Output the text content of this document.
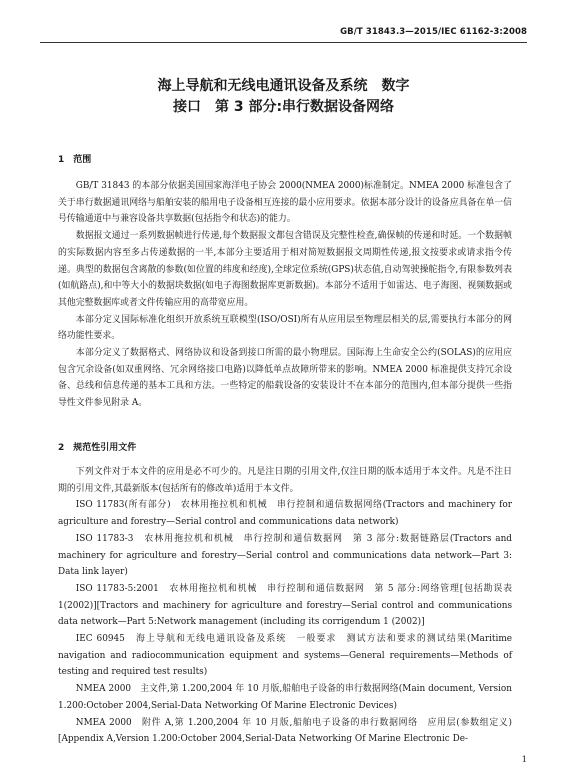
GB/T 31843.3—2015/IEC 61162-3:2008
海上导航和无线电通讯设备及系统　数字
接口　第 3 部分:串行数据设备网络
1　范围

GB/T 31843 的本部分依据美国国家海洋电子协会 2000(NMEA 2000)标准制定。NMEA 2000 标准包含了关于串行数据通讯网络与船舶安装的船用电子设备相互连接的最小应用要求。依据本部分设计的设备应具备在单一信号传输通道中与兼容设备共享数据(包括指令和状态)的能力。

数据报文通过一系列数据帧进行传递,每个数据报文都包含错误及完整性检查,确保帧的传递和时延。一个数据帧的实际数据内容至多占传递数据的一半,本部分主要适用于相对简短数据报文周期性传递,报文按要求或请求指令传递。典型的数据包含离散的参数(如位置的纬度和经度),全球定位系统(GPS)状态值,自动驾驶操舵指令,有限参数列表(如航路点),和中等大小的数据块数据(如电子海图数据库更新数据)。本部分不适用于如雷达、电子海图、视频数据或其他完整数据库或者文件传输应用的高带宽应用。

本部分定义国际标准化组织开放系统互联模型(ISO/OSI)所有从应用层至物理层相关的层,需要执行本部分的网络功能性要求。

本部分定义了数据格式、网络协议和设备到接口所需的最小物理层。国际海上生命安全公约(SOLAS)的应用应包含冗余设备(如双重网络、冗余网络接口电路)以降低单点故障所带来的影响。NMEA 2000 标准提供支持冗余设备、总线和信息传递的基本工具和方法。一些特定的船载设备的安装设计不在本部分的范围内,但本部分提供一些指导性文件参见附录 A。

2　规范性引用文件

下列文件对于本文件的应用是必不可少的。凡是注日期的引用文件,仅注日期的版本适用于本文件。凡是不注日期的引用文件,其最新版本(包括所有的修改单)适用于本文件。

ISO 11783(所有部分)　农林用拖拉机和机械　串行控制和通信数据网络(Tractors and machinery for agriculture and forestry—Serial control and communications data network)

ISO 11783-3　农林用拖拉机和机械　串行控制和通信数据网　第 3 部分:数据链路层(Tractors and machinery for agriculture and forestry—Serial control and communications data network—Part 3: Data link layer)

ISO 11783-5:2001　农林用拖拉机和机械　串行控制和通信数据网　第 5 部分:网络管理[包括勘误表 1(2002)][Tractors and machinery for agriculture and forestry—Serial control and communications data network—Part 5:Network management (including its corrigendum 1 (2002)]

IEC 60945　海上导航和无线电通讯设备及系统　一般要求　测试方法和要求的测试结果(Maritime navigation and radiocommunication equipment and systems—General requirements—Methods of testing and required test results)

NMEA 2000　主文件,第 1.200,2004 年 10 月版,船舶电子设备的串行数据网络(Main document, Version 1.200:October 2004,Serial-Data Networking Of Marine Electronic Devices)

NMEA 2000　附件 A,第 1.200,2004 年 10 月版,船舶电子设备的串行数据网络　应用层(参数组定义)[Appendix A,Version 1.200:October 2004,Serial-Data Networking Of Marine Electronic De-

1
